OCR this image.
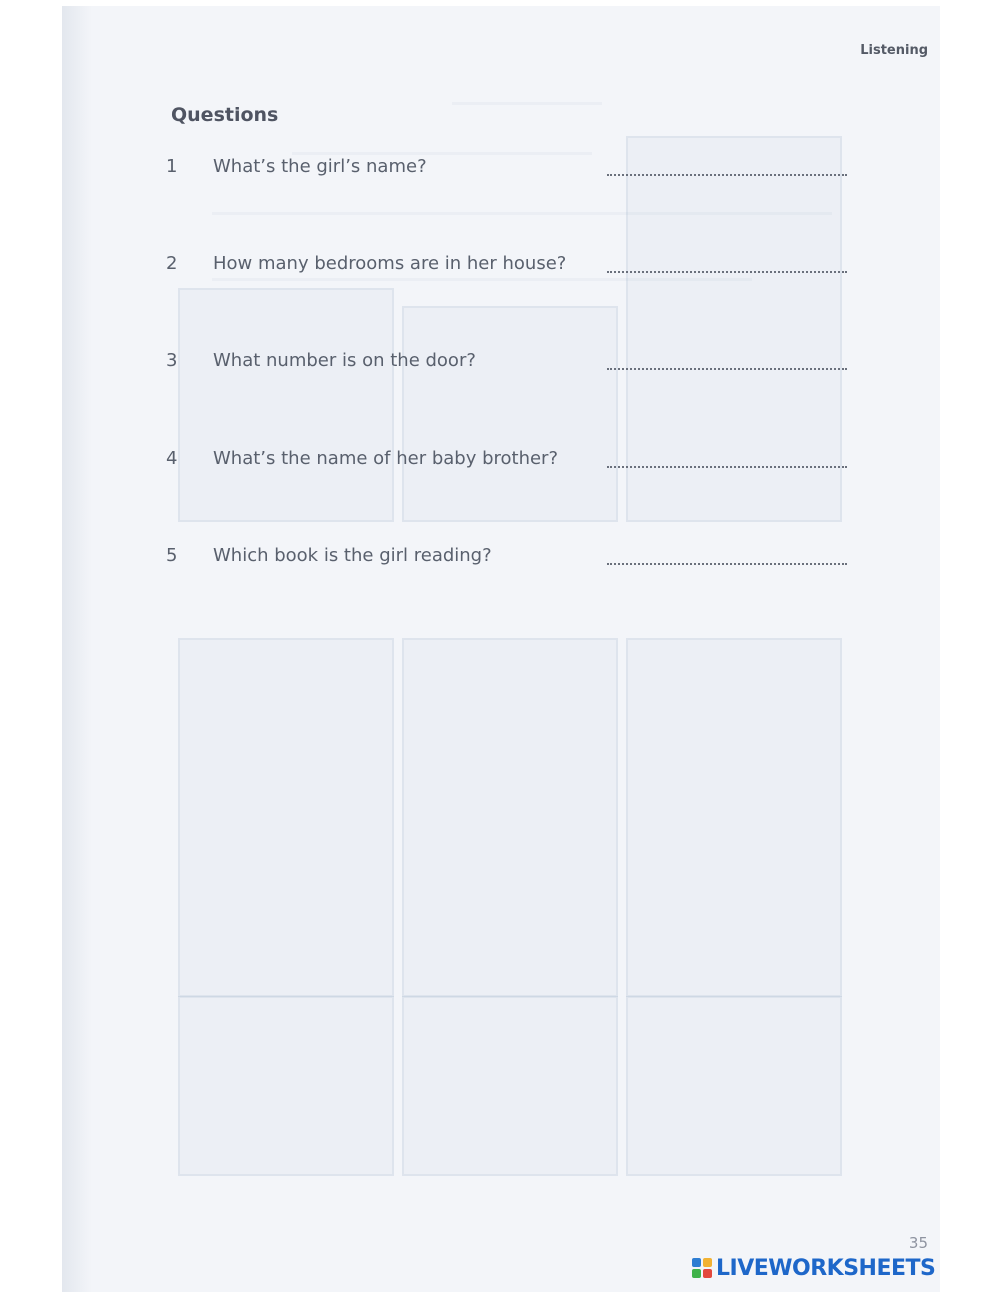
Listening

Questions
1 What’s the girl’s name?
2 How many bedrooms are in her house?
3 What number is on the door?
4 What’s the name of her baby brother?
5 Which book is the girl reading?

35

LIVEWORKSHEETS
